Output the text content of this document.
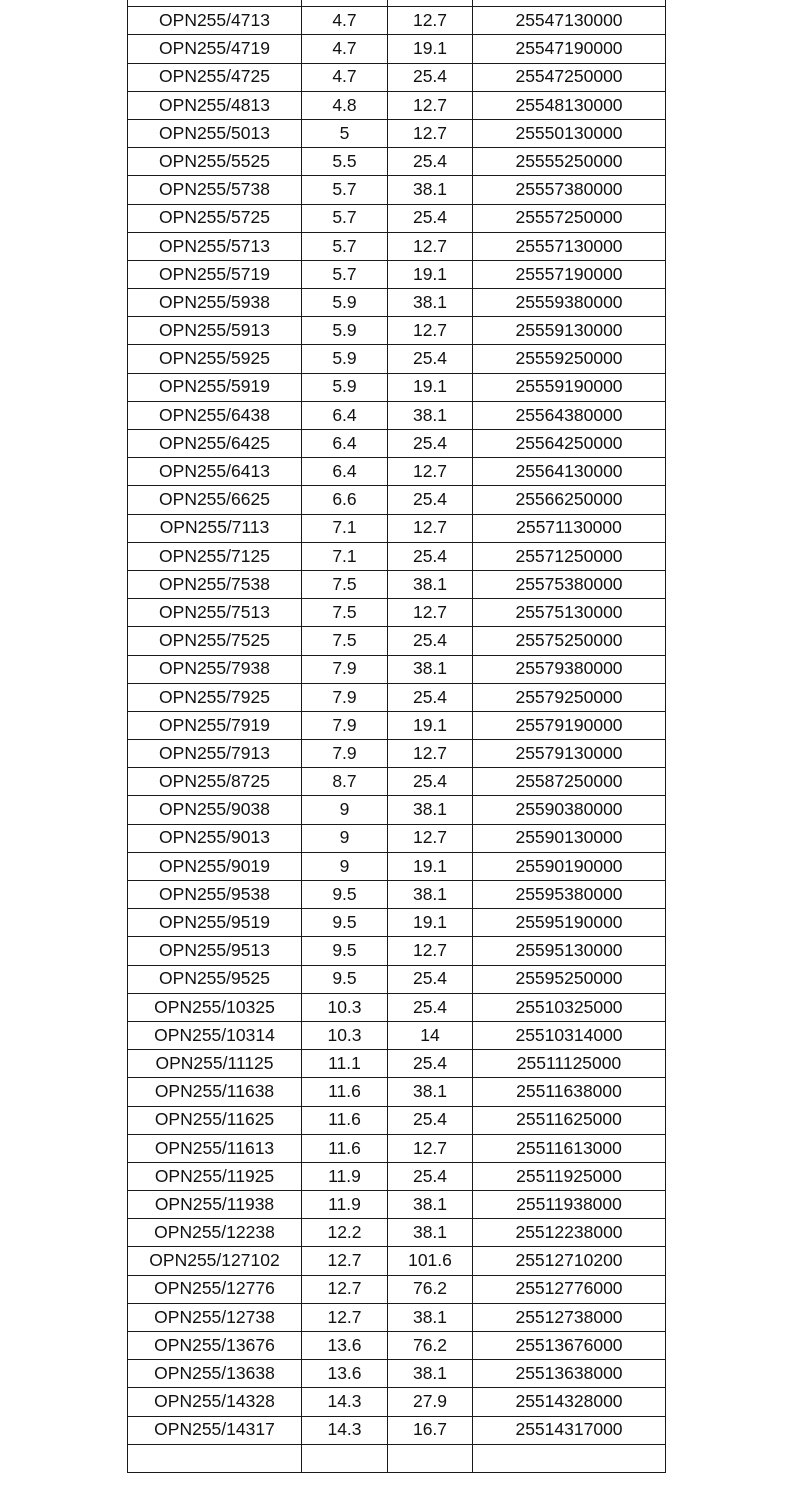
OPN255/4713	4.7	12.7	25547130000
OPN255/4719	4.7	19.1	25547190000
OPN255/4725	4.7	25.4	25547250000
OPN255/4813	4.8	12.7	25548130000
OPN255/5013	5	12.7	25550130000
OPN255/5525	5.5	25.4	25555250000
OPN255/5738	5.7	38.1	25557380000
OPN255/5725	5.7	25.4	25557250000
OPN255/5713	5.7	12.7	25557130000
OPN255/5719	5.7	19.1	25557190000
OPN255/5938	5.9	38.1	25559380000
OPN255/5913	5.9	12.7	25559130000
OPN255/5925	5.9	25.4	25559250000
OPN255/5919	5.9	19.1	25559190000
OPN255/6438	6.4	38.1	25564380000
OPN255/6425	6.4	25.4	25564250000
OPN255/6413	6.4	12.7	25564130000
OPN255/6625	6.6	25.4	25566250000
OPN255/7113	7.1	12.7	25571130000
OPN255/7125	7.1	25.4	25571250000
OPN255/7538	7.5	38.1	25575380000
OPN255/7513	7.5	12.7	25575130000
OPN255/7525	7.5	25.4	25575250000
OPN255/7938	7.9	38.1	25579380000
OPN255/7925	7.9	25.4	25579250000
OPN255/7919	7.9	19.1	25579190000
OPN255/7913	7.9	12.7	25579130000
OPN255/8725	8.7	25.4	25587250000
OPN255/9038	9	38.1	25590380000
OPN255/9013	9	12.7	25590130000
OPN255/9019	9	19.1	25590190000
OPN255/9538	9.5	38.1	25595380000
OPN255/9519	9.5	19.1	25595190000
OPN255/9513	9.5	12.7	25595130000
OPN255/9525	9.5	25.4	25595250000
OPN255/10325	10.3	25.4	25510325000
OPN255/10314	10.3	14	25510314000
OPN255/11125	11.1	25.4	25511125000
OPN255/11638	11.6	38.1	25511638000
OPN255/11625	11.6	25.4	25511625000
OPN255/11613	11.6	12.7	25511613000
OPN255/11925	11.9	25.4	25511925000
OPN255/11938	11.9	38.1	25511938000
OPN255/12238	12.2	38.1	25512238000
OPN255/127102	12.7	101.6	25512710200
OPN255/12776	12.7	76.2	25512776000
OPN255/12738	12.7	38.1	25512738000
OPN255/13676	13.6	76.2	25513676000
OPN255/13638	13.6	38.1	25513638000
OPN255/14328	14.3	27.9	25514328000
OPN255/14317	14.3	16.7	25514317000
